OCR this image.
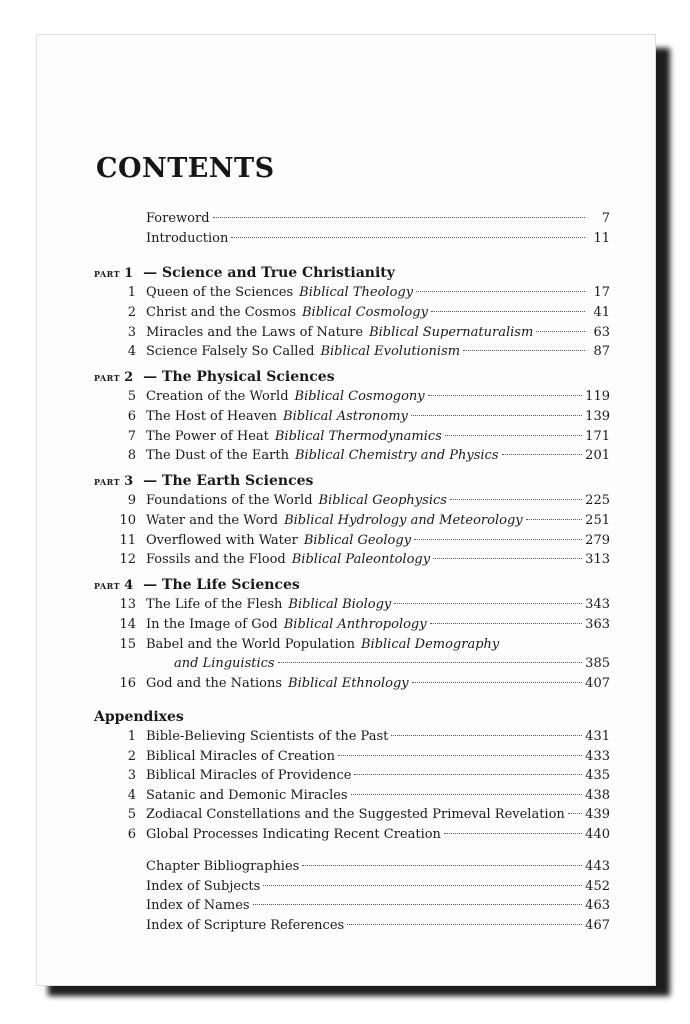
CONTENTS
Foreword	7
Introduction	11
part 1 — Science and True Christianity
1 Queen of the Sciences Biblical Theology	17
2 Christ and the Cosmos Biblical Cosmology	41
3 Miracles and the Laws of Nature Biblical Supernaturalism	63
4 Science Falsely So Called Biblical Evolutionism	87
part 2 — The Physical Sciences
5 Creation of the World Biblical Cosmogony	119
6 The Host of Heaven Biblical Astronomy	139
7 The Power of Heat Biblical Thermodynamics	171
8 The Dust of the Earth Biblical Chemistry and Physics	201
part 3 — The Earth Sciences
9 Foundations of the World Biblical Geophysics	225
10 Water and the Word Biblical Hydrology and Meteorology	251
11 Overflowed with Water Biblical Geology	279
12 Fossils and the Flood Biblical Paleontology	313
part 4 — The Life Sciences
13 The Life of the Flesh Biblical Biology	343
14 In the Image of God Biblical Anthropology	363
15 Babel and the World Population Biblical Demography
and Linguistics	385
16 God and the Nations Biblical Ethnology	407
Appendixes
1 Bible-Believing Scientists of the Past	431
2 Biblical Miracles of Creation	433
3 Biblical Miracles of Providence	435
4 Satanic and Demonic Miracles	438
5 Zodiacal Constellations and the Suggested Primeval Revelation 439
6 Global Processes Indicating Recent Creation	440
Chapter Bibliographies	443
Index of Subjects	452
Index of Names	463
Index of Scripture References	467
